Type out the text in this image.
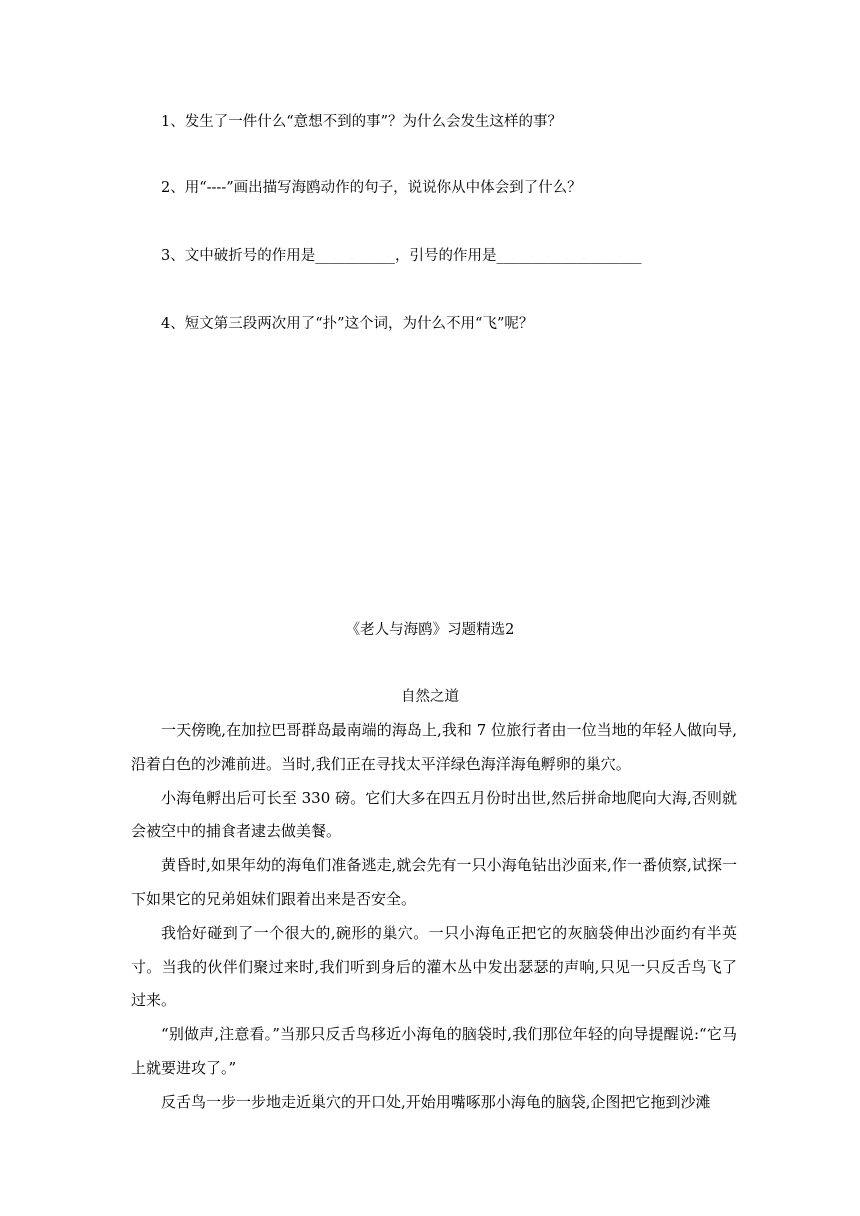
1、发生了一件什么“意想不到的事”？为什么会发生这样的事？
2、用“----”画出描写海鸥动作的句子，说说你从中体会到了什么？
3、文中破折号的作用是___________，引号的作用是____________________
4、短文第三段两次用了“扑”这个词，为什么不用“飞”呢？
《老人与海鸥》习题精选2
自然之道

一天傍晚,在加拉巴哥群岛最南端的海岛上,我和 7 位旅行者由一位当地的年轻人做向导,沿着白色的沙滩前进。当时,我们正在寻找太平洋绿色海洋海龟孵卵的巢穴。

小海龟孵出后可长至 330 磅。它们大多在四五月份时出世,然后拼命地爬向大海,否则就会被空中的捕食者逮去做美餐。

黄昏时,如果年幼的海龟们准备逃走,就会先有一只小海龟钻出沙面来,作一番侦察,试探一下如果它的兄弟姐妹们跟着出来是否安全。

我恰好碰到了一个很大的,碗形的巢穴。一只小海龟正把它的灰脑袋伸出沙面约有半英寸。当我的伙伴们聚过来时,我们听到身后的灌木丛中发出瑟瑟的声响,只见一只反舌鸟飞了过来。

“别做声,注意看。”当那只反舌鸟移近小海龟的脑袋时,我们那位年轻的向导提醒说:“它马上就要进攻了。”

反舌鸟一步一步地走近巢穴的开口处,开始用嘴啄那小海龟的脑袋,企图把它拖到沙滩
